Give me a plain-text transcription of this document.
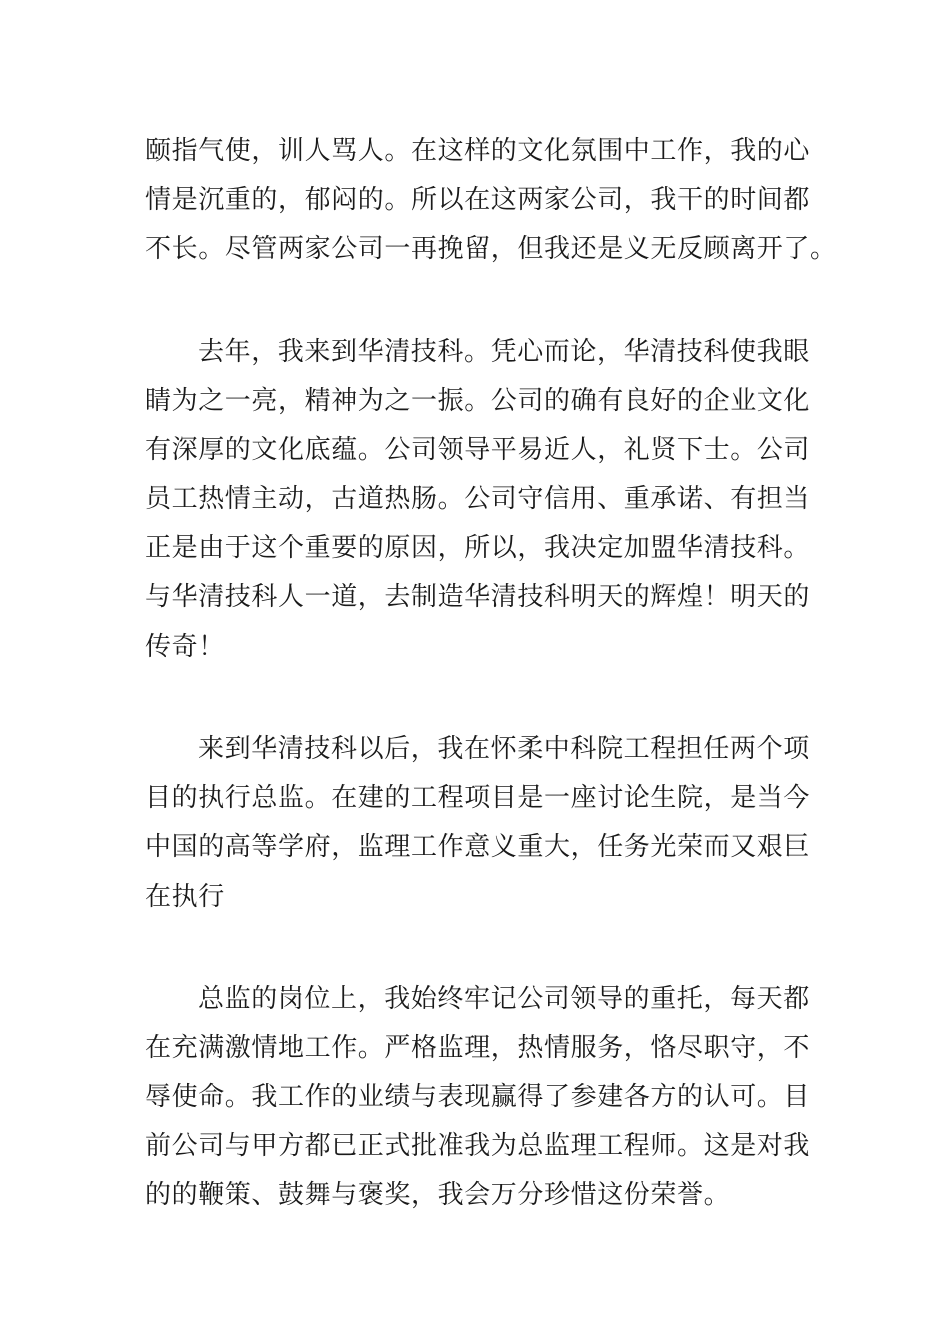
颐指气使，训人骂人。在这样的文化氛围中工作，我的心

情是沉重的，郁闷的。所以在这两家公司，我干的时间都

不长。尽管两家公司一再挽留，但我还是义无反顾离开了。

去年，我来到华清技科。凭心而论，华清技科使我眼

睛为之一亮，精神为之一振。公司的确有良好的企业文化

有深厚的文化底蕴。公司领导平易近人，礼贤下士。公司

员工热情主动，古道热肠。公司守信用、重承诺、有担当

正是由于这个重要的原因，所以，我决定加盟华清技科。

与华清技科人一道，去制造华清技科明天的辉煌！明天的

传奇！

来到华清技科以后，我在怀柔中科院工程担任两个项

目的执行总监。在建的工程项目是一座讨论生院，是当今

中国的高等学府，监理工作意义重大，任务光荣而又艰巨

在执行

总监的岗位上，我始终牢记公司领导的重托，每天都

在充满激情地工作。严格监理，热情服务，恪尽职守，不

辱使命。我工作的业绩与表现赢得了参建各方的认可。目

前公司与甲方都已正式批准我为总监理工程师。这是对我

的的鞭策、鼓舞与褒奖，我会万分珍惜这份荣誉。
